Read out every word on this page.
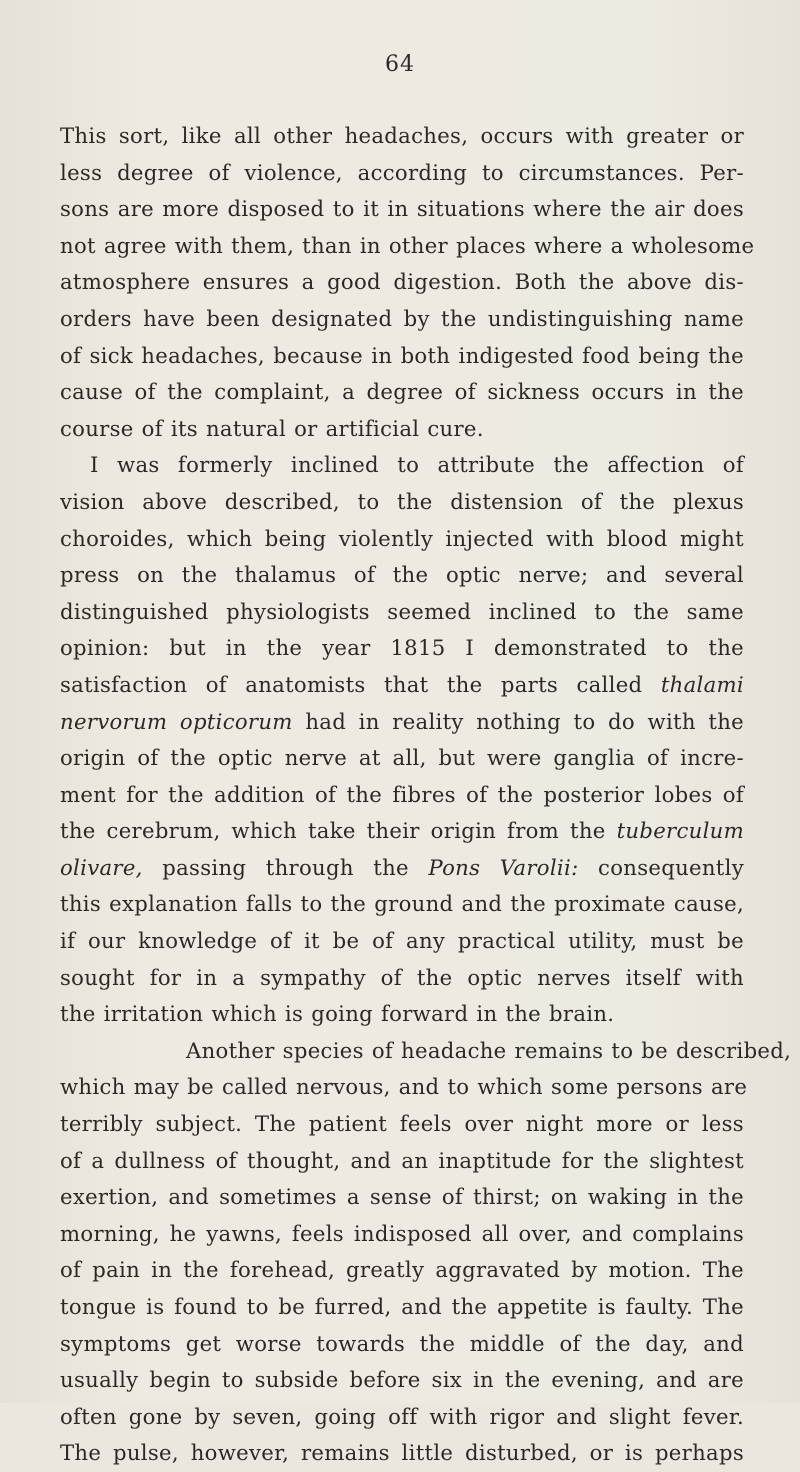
64

This sort, like all other headaches, occurs with greater or
less degree of violence, according to circumstances. Per-
sons are more disposed to it in situations where the air does
not agree with them, than in other places where a wholesome
atmosphere ensures a good digestion. Both the above dis-
orders have been designated by the undistinguishing name
of sick headaches, because in both indigested food being the
cause of the complaint, a degree of sickness occurs in the
course of its natural or artificial cure.

I was formerly inclined to attribute the affection of
vision above described, to the distension of the plexus
choroides, which being violently injected with blood might
press on the thalamus of the optic nerve; and several
distinguished physiologists seemed inclined to the same
opinion: but in the year 1815 I demonstrated to the
satisfaction of anatomists that the parts called thalami
nervorum opticorum had in reality nothing to do with the
origin of the optic nerve at all, but were ganglia of incre-
ment for the addition of the fibres of the posterior lobes of
the cerebrum, which take their origin from the tuberculum
olivare, passing through the Pons Varolii: consequently
this explanation falls to the ground and the proximate cause,
if our knowledge of it be of any practical utility, must be
sought for in a sympathy of the optic nerves itself with
the irritation which is going forward in the brain.

Another species of headache remains to be described,
which may be called nervous, and to which some persons are
terribly subject. The patient feels over night more or less
of a dullness of thought, and an inaptitude for the slightest
exertion, and sometimes a sense of thirst; on waking in the
morning, he yawns, feels indisposed all over, and complains
of pain in the forehead, greatly aggravated by motion. The
tongue is found to be furred, and the appetite is faulty. The
symptoms get worse towards the middle of the day, and
usually begin to subside before six in the evening, and are
often gone by seven, going off with rigor and slight fever.
The pulse, however, remains little disturbed, or is perhaps
